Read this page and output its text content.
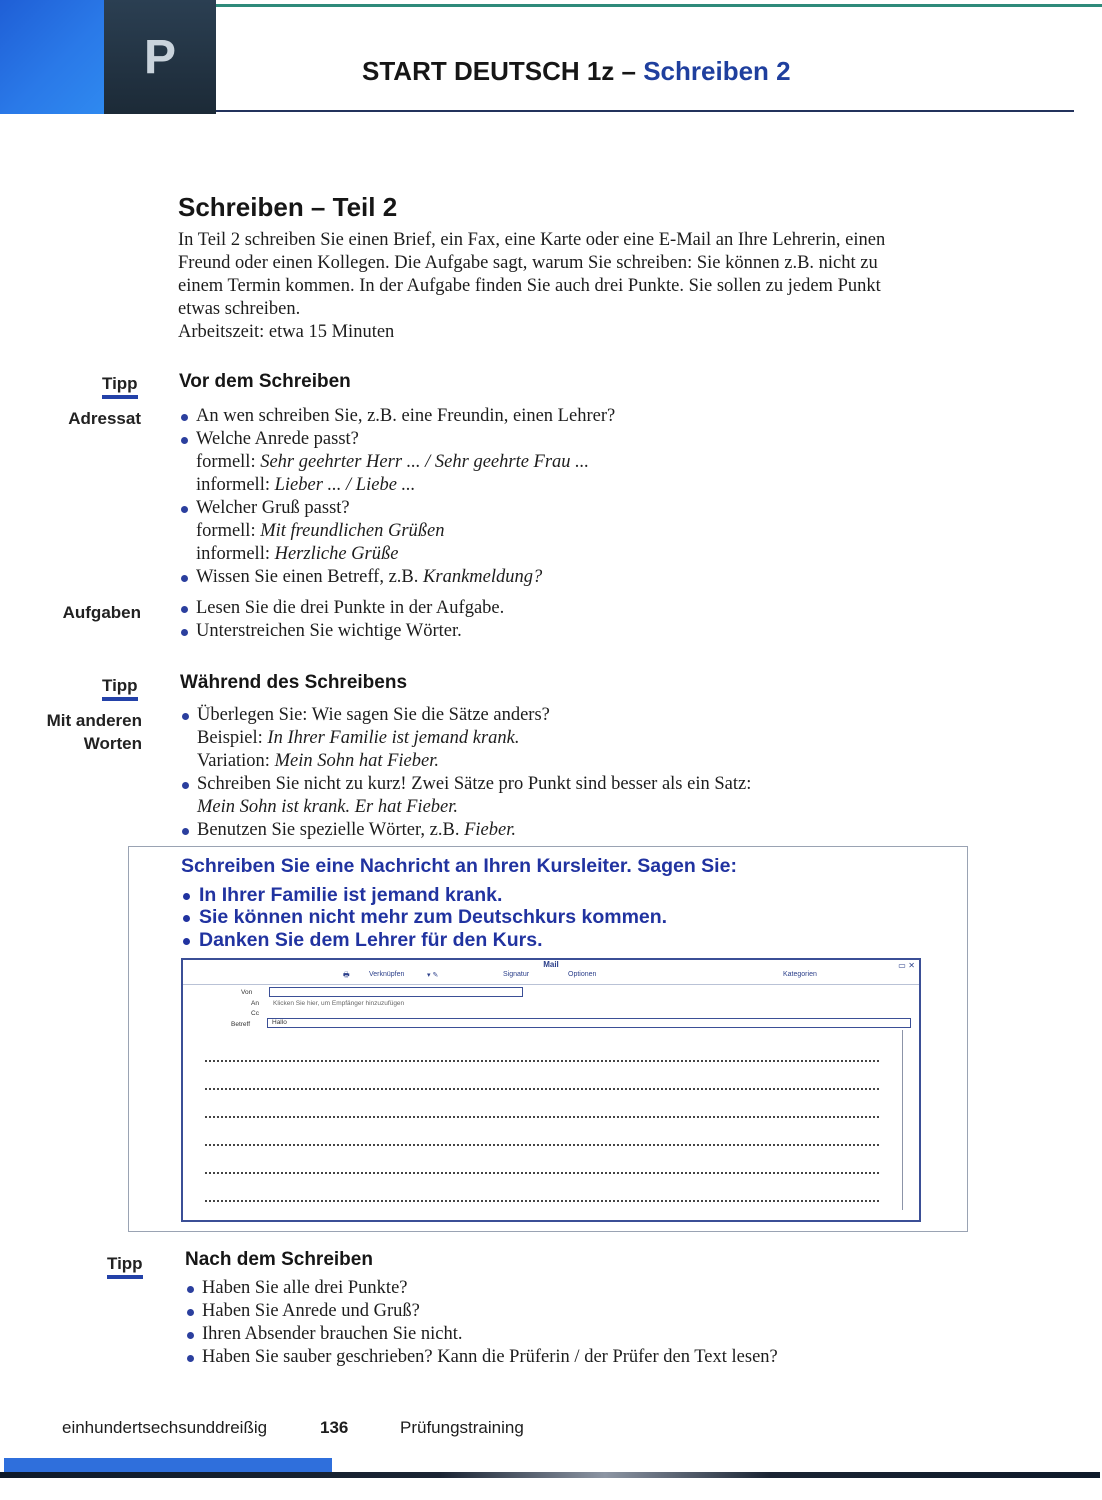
P	START DEUTSCH 1z – Schreiben 2
Schreiben – Teil 2
In Teil 2 schreiben Sie einen Brief, ein Fax, eine Karte oder eine E-Mail an Ihre Lehrerin, einen
Freund oder einen Kollegen. Die Aufgabe sagt, warum Sie schreiben: Sie können z.B. nicht zu
einem Termin kommen. In der Aufgabe finden Sie auch drei Punkte. Sie sollen zu jedem Punkt
etwas schreiben.
Arbeitszeit: etwa 15 Minuten
Tipp Vor dem Schreiben
Adressat	An wen schreiben Sie, z.B. eine Freundin, einen Lehrer?
Welche Anrede passt?
formell: Sehr geehrter Herr ... / Sehr geehrte Frau ...
informell: Lieber ... / Liebe ...
Welcher Gruß passt?
formell: Mit freundlichen Grüßen
informell: Herzliche Grüße
Wissen Sie einen Betreff, z.B. Krankmeldung?
Aufgaben	Lesen Sie die drei Punkte in der Aufgabe.
Unterstreichen Sie wichtige Wörter.
Tipp Während des Schreibens
Mit anderen
Worten
Überlegen Sie: Wie sagen Sie die Sätze anders?
Beispiel: In Ihrer Familie ist jemand krank.
Variation: Mein Sohn hat Fieber.
Schreiben Sie nicht zu kurz! Zwei Sätze pro Punkt sind besser als ein Satz:
Mein Sohn ist krank. Er hat Fieber.
Benutzen Sie spezielle Wörter, z.B. Fieber.
Schreiben Sie eine Nachricht an Ihren Kursleiter. Sagen Sie:
In Ihrer Familie ist jemand krank.
Sie können nicht mehr zum Deutschkurs kommen.
Danken Sie dem Lehrer für den Kurs.
Mail	▭ ✕
🖶	Verknüpfen	▾ ✎	Signatur	Optionen	Kategorien
Von
An Klicken Sie hier, um Empfänger hinzuzufügen
Cc
Betreff	Hallo
Tipp Nach dem Schreiben
Haben Sie alle drei Punkte?
Haben Sie Anrede und Gruß?
Ihren Absender brauchen Sie nicht.
Haben Sie sauber geschrieben? Kann die Prüferin / der Prüfer den Text lesen?
einhundertsechsunddreißig	136	Prüfungstraining
